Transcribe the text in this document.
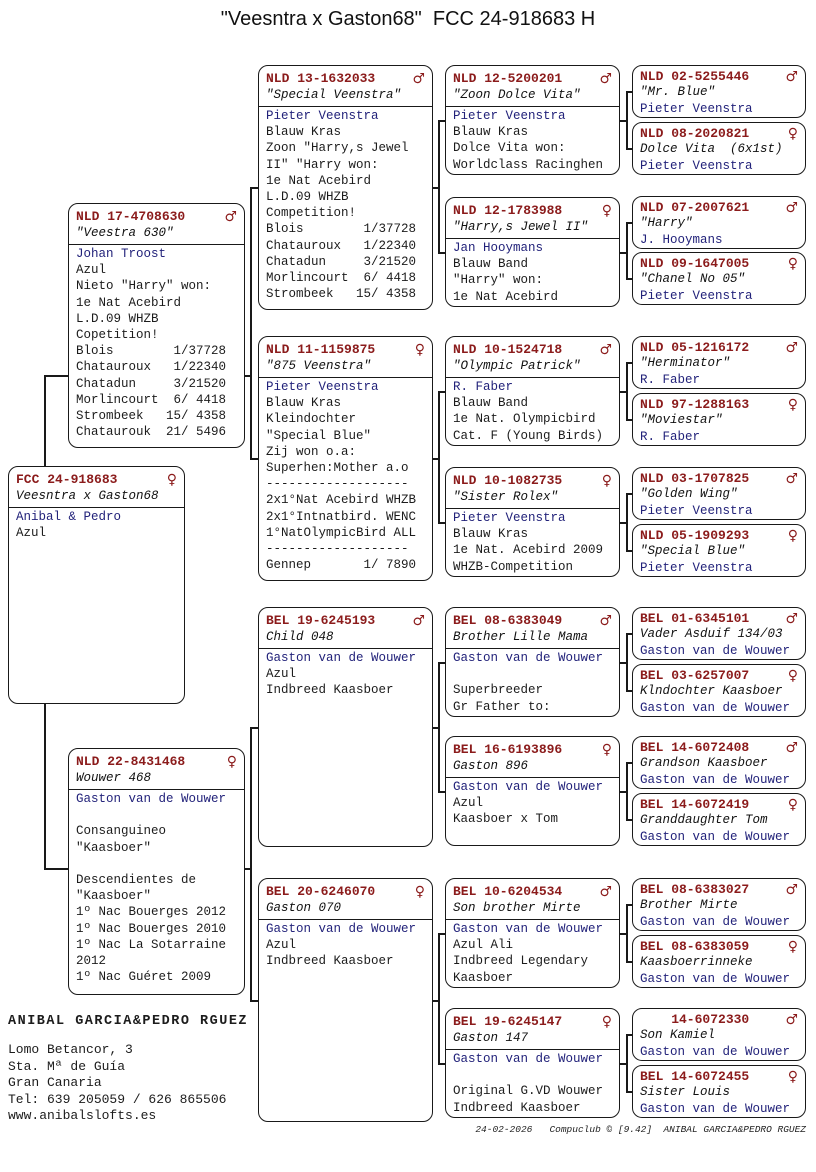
"Veesntra x Gaston68"  FCC 24-918683 H
ANIBAL GARCIA&PEDRO RGUEZ
Lomo Betancor, 3
Sta. Mª de Guía
Gran Canaria
Tel: 639 205059 / 626 865506
www.anibalslofts.es
24-02-2026   Compuclub © [9.42]  ANIBAL GARCIA&PEDRO RGUEZ
FCC 24-918683	♀
Veesntra x Gaston68
Anibal & Pedro
Azul
NLD 17-4708630	♂
"Veestra 630"
Johan Troost
Azul
Nieto "Harry" won:
1e Nat Acebird
L.D.09 WHZB
Copetition!
Blois        1/37728
Chatauroux   1/22340
Chatadun     3/21520
Morlincourt  6/ 4418
Strombeek   15/ 4358
Chataurouk  21/ 5496
NLD 22-8431468	♀
Wouwer 468
Gaston van de Wouwer
Consanguineo
"Kaasboer"
Descendientes de
"Kaasboer"
1º Nac Bouerges 2012
1º Nac Bouerges 2010
1º Nac La Sotarraine
2012
1º Nac Guéret 2009
NLD 13-1632033	♂
"Special Veenstra"
Pieter Veenstra
Blauw Kras
Zoon "Harry,s Jewel
II" "Harry won:
1e Nat Acebird
L.D.09 WHZB
Competition!
Blois        1/37728
Chatauroux   1/22340
Chatadun     3/21520
Morlincourt  6/ 4418
Strombeek   15/ 4358
NLD 11-1159875	♀
"875 Veenstra"
Pieter Veenstra
Blauw Kras
Kleindochter
"Special Blue"
Zij won o.a:
Superhen:Mother a.o
-------------------
2x1°Nat Acebird WHZB
2x1°Intnatbird. WENC
1°NatOlympicBird ALL
-------------------
Gennep       1/ 7890
BEL 19-6245193	♂
Child 048
Gaston van de Wouwer
Azul
Indbreed Kaasboer
BEL 20-6246070	♀
Gaston 070
Gaston van de Wouwer
Azul
Indbreed Kaasboer
NLD 12-5200201	♂
"Zoon Dolce Vita"
Pieter Veenstra
Blauw Kras
Dolce Vita won:
Worldclass Racinghen
NLD 12-1783988	♀
"Harry,s Jewel II"
Jan Hooymans
Blauw Band
"Harry" won:
1e Nat Acebird
NLD 10-1524718	♂
"Olympic Patrick"
R. Faber
Blauw Band
1e Nat. Olympicbird
Cat. F (Young Birds)
NLD 10-1082735	♀
"Sister Rolex"
Pieter Veenstra
Blauw Kras
1e Nat. Acebird 2009
WHZB-Competition
BEL 08-6383049	♂
Brother Lille Mama
Gaston van de Wouwer
Superbreeder
Gr Father to:
BEL 16-6193896	♀
Gaston 896
Gaston van de Wouwer
Azul
Kaasboer x Tom
BEL 10-6204534	♂
Son brother Mirte
Gaston van de Wouwer
Azul Ali
Indbreed Legendary
Kaasboer
BEL 19-6245147	♀
Gaston 147
Gaston van de Wouwer
Original G.VD Wouwer
Indbreed Kaasboer
NLD 02-5255446	♂
"Mr. Blue"
Pieter Veenstra
NLD 08-2020821	♀
Dolce Vita  (6x1st)
Pieter Veenstra
NLD 07-2007621	♂
"Harry"
J. Hooymans
NLD 09-1647005	♀
"Chanel No 05"
Pieter Veenstra
NLD 05-1216172	♂
"Herminator"
R. Faber
NLD 97-1288163	♀
"Moviestar"
R. Faber
NLD 03-1707825	♂
"Golden Wing"
Pieter Veenstra
NLD 05-1909293	♀
"Special Blue"
Pieter Veenstra
BEL 01-6345101	♂
Vader Asduif 134/03
Gaston van de Wouwer
BEL 03-6257007	♀
Klndochter Kaasboer
Gaston van de Wouwer
BEL 14-6072408	♂
Grandson Kaasboer
Gaston van de Wouwer
BEL 14-6072419	♀
Granddaughter Tom
Gaston van de Wouwer
BEL 08-6383027	♂
Brother Mirte
Gaston van de Wouwer
BEL 08-6383059	♀
Kaasboerrinneke
Gaston van de Wouwer
14-6072330	♂
Son Kamiel
Gaston van de Wouwer
BEL 14-6072455	♀
Sister Louis
Gaston van de Wouwer
